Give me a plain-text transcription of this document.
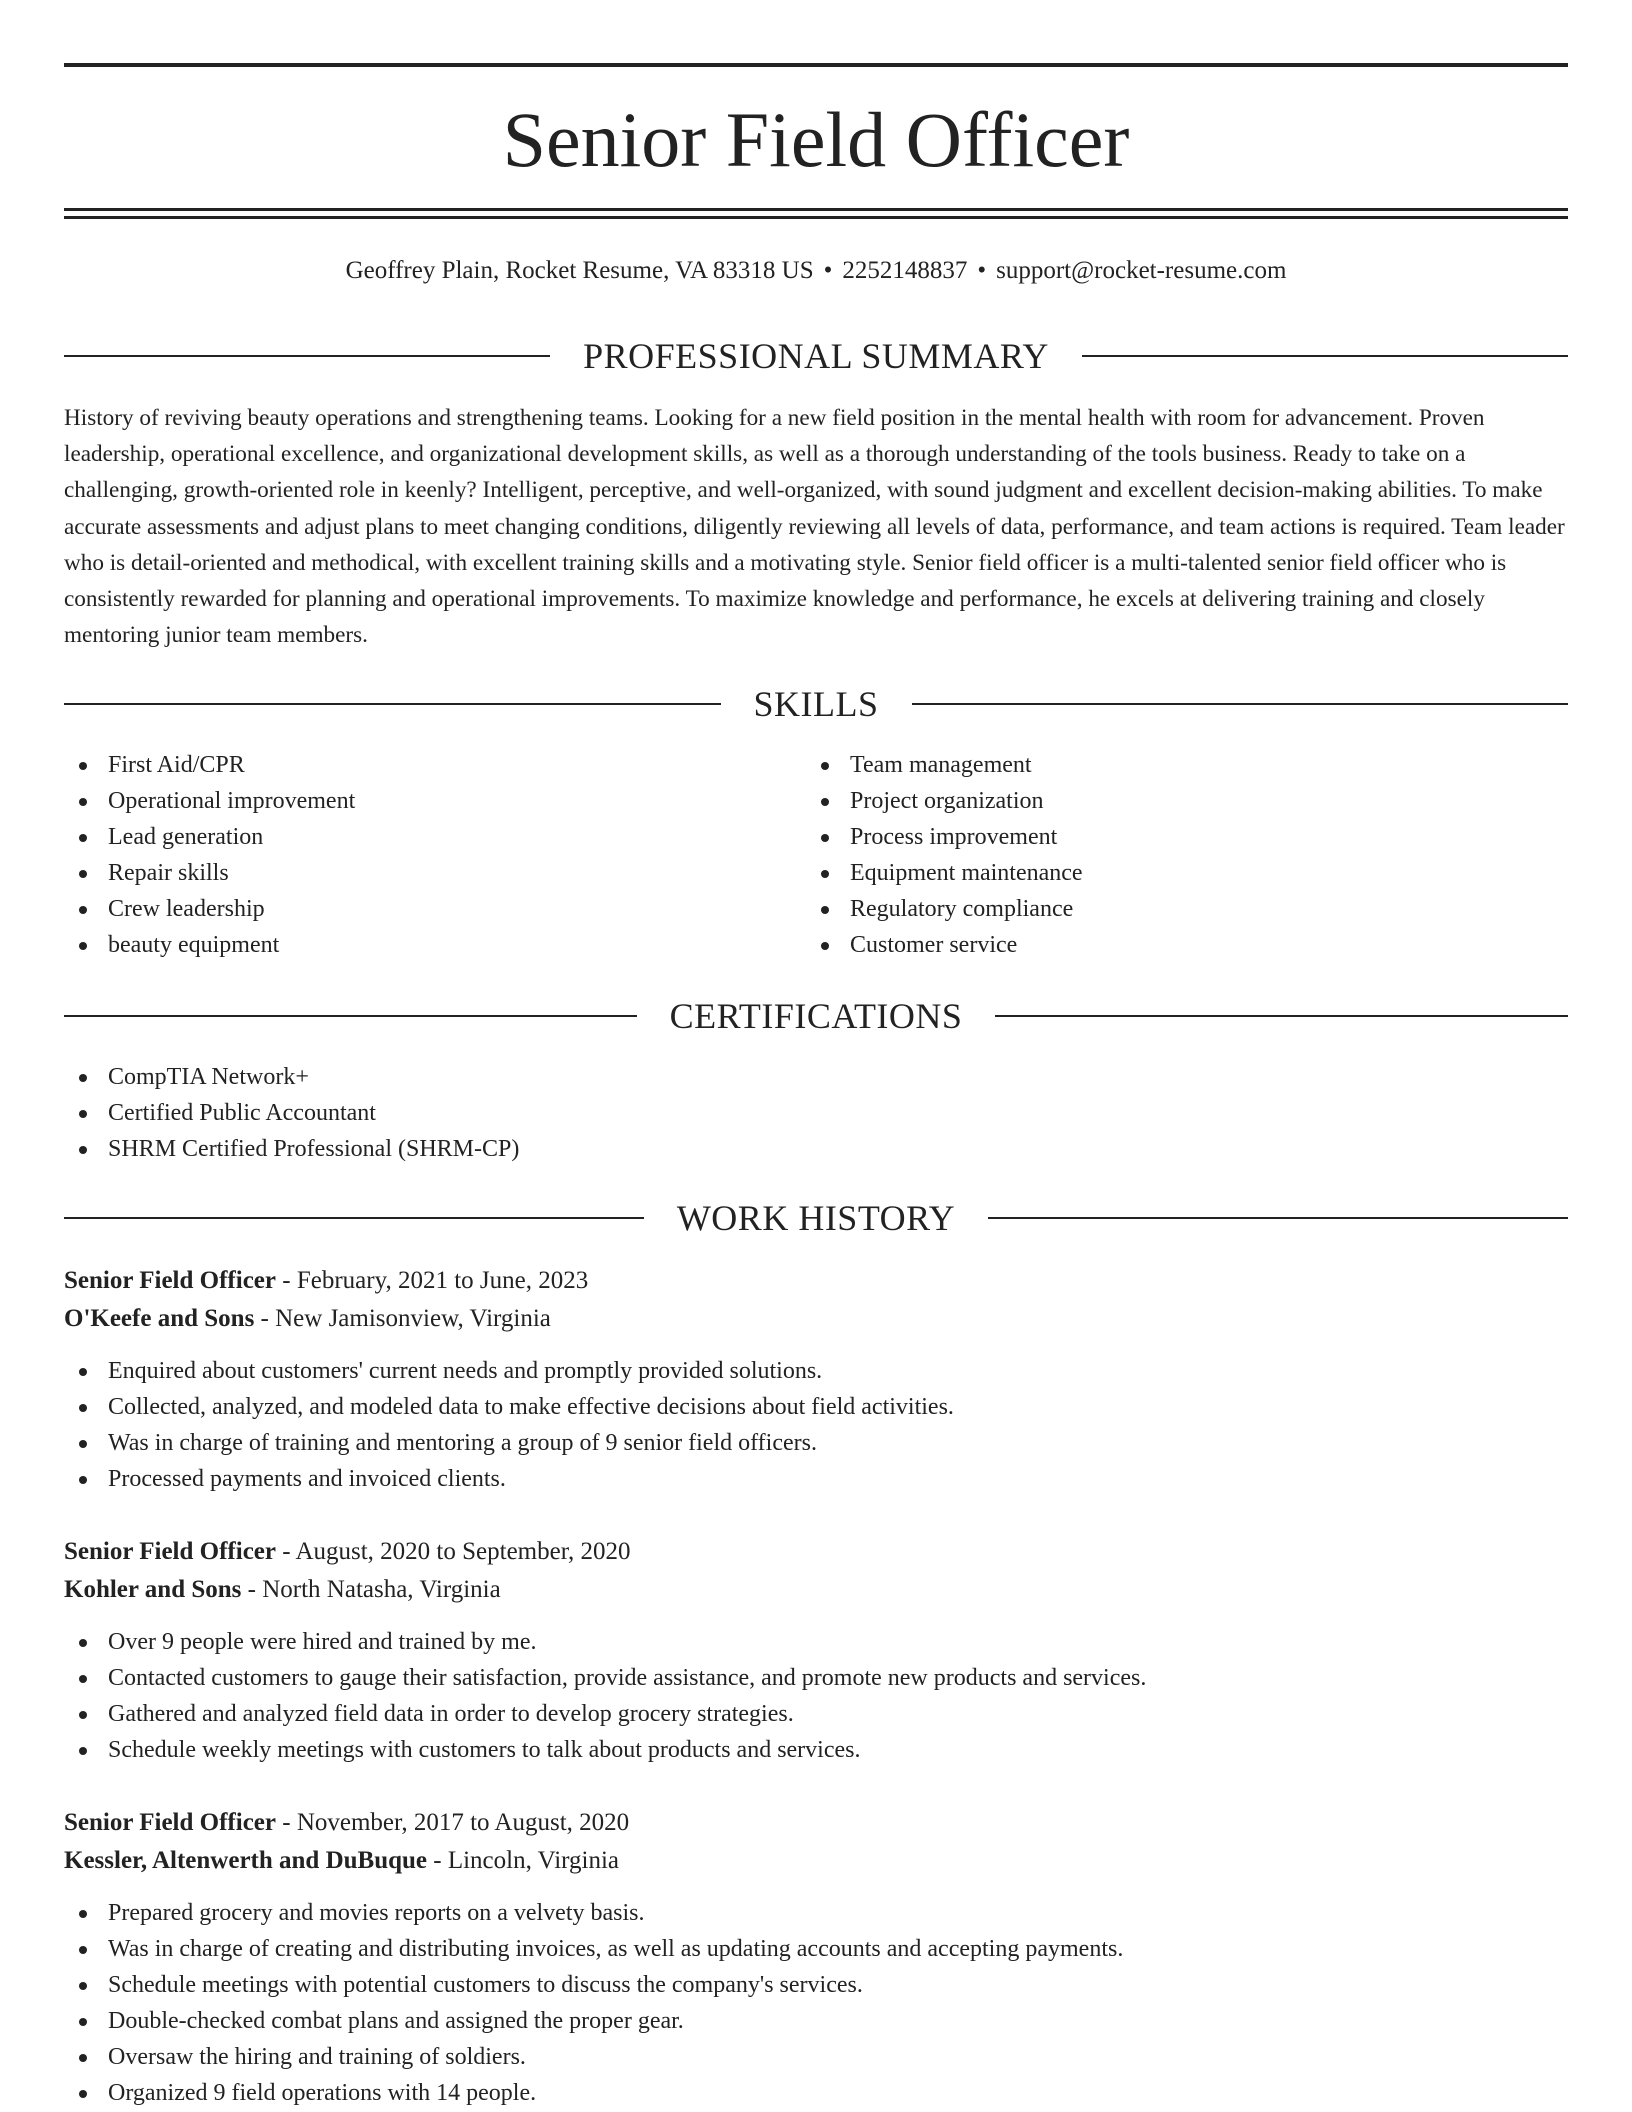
Senior Field Officer
Geoffrey Plain, Rocket Resume, VA 83318 US • 2252148837 • support@rocket-resume.com
PROFESSIONAL SUMMARY
History of reviving beauty operations and strengthening teams. Looking for a new field position in the mental health with room for advancement. Proven leadership, operational excellence, and organizational development skills, as well as a thorough understanding of the tools business. Ready to take on a challenging, growth-oriented role in keenly? Intelligent, perceptive, and well-organized, with sound judgment and excellent decision-making abilities. To make accurate assessments and adjust plans to meet changing conditions, diligently reviewing all levels of data, performance, and team actions is required. Team leader who is detail-oriented and methodical, with excellent training skills and a motivating style. Senior field officer is a multi-talented senior field officer who is consistently rewarded for planning and operational improvements. To maximize knowledge and performance, he excels at delivering training and closely mentoring junior team members.
SKILLS
First Aid/CPR
Operational improvement
Lead generation
Repair skills
Crew leadership
beauty equipment
Team management
Project organization
Process improvement
Equipment maintenance
Regulatory compliance
Customer service
CERTIFICATIONS
CompTIA Network+
Certified Public Accountant
SHRM Certified Professional (SHRM-CP)
WORK HISTORY
Senior Field Officer - February, 2021 to June, 2023
O'Keefe and Sons - New Jamisonview, Virginia
Enquired about customers' current needs and promptly provided solutions.
Collected, analyzed, and modeled data to make effective decisions about field activities.
Was in charge of training and mentoring a group of 9 senior field officers.
Processed payments and invoiced clients.
Senior Field Officer - August, 2020 to September, 2020
Kohler and Sons - North Natasha, Virginia
Over 9 people were hired and trained by me.
Contacted customers to gauge their satisfaction, provide assistance, and promote new products and services.
Gathered and analyzed field data in order to develop grocery strategies.
Schedule weekly meetings with customers to talk about products and services.
Senior Field Officer - November, 2017 to August, 2020
Kessler, Altenwerth and DuBuque - Lincoln, Virginia
Prepared grocery and movies reports on a velvety basis.
Was in charge of creating and distributing invoices, as well as updating accounts and accepting payments.
Schedule meetings with potential customers to discuss the company's services.
Double-checked combat plans and assigned the proper gear.
Oversaw the hiring and training of soldiers.
Organized 9 field operations with 14 people.
